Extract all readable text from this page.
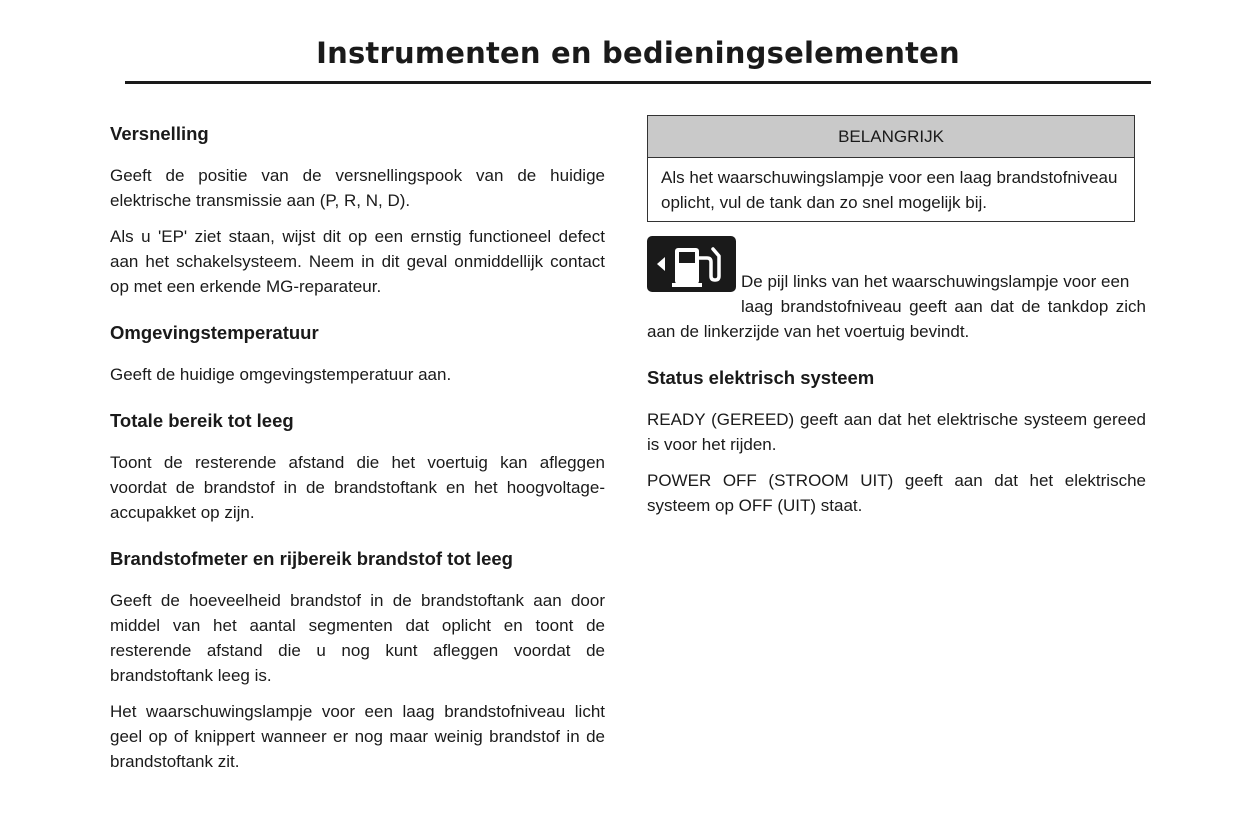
Instrumenten en bedieningselementen
Versnelling

Geeft de positie van de versnellingspook van de huidige elektrische transmissie aan (P, R, N, D).

Als u 'EP' ziet staan, wijst dit op een ernstig functioneel defect aan het schakelsysteem. Neem in dit geval onmiddellijk contact op met een erkende MG-reparateur.

Omgevingstemperatuur

Geeft de huidige omgevingstemperatuur aan.

Totale bereik tot leeg

Toont de resterende afstand die het voertuig kan afleggen voordat de brandstof in de brandstoftank en het hoogvoltage-accupakket op zijn.

Brandstofmeter en rijbereik brandstof tot leeg

Geeft de hoeveelheid brandstof in de brandstoftank aan door middel van het aantal segmenten dat oplicht en toont de resterende afstand die u nog kunt afleggen voordat de brandstoftank leeg is.

Het waarschuwingslampje voor een laag brandstofniveau licht geel op of knippert wanneer er nog maar weinig brandstof in de brandstoftank zit.

BELANGRIJK
Als het waarschuwingslampje voor een laag brandstofniveau oplicht, vul de tank dan zo snel mogelijk bij.

De pijl links van het waarschuwingslampje voor een
laag brandstofniveau geeft aan dat de tankdop zich aan de linkerzijde van het voertuig bevindt.

Status elektrisch systeem

READY (GEREED) geeft aan dat het elektrische systeem gereed is voor het rijden.

POWER OFF (STROOM UIT) geeft aan dat het elektrische systeem op OFF (UIT) staat.
